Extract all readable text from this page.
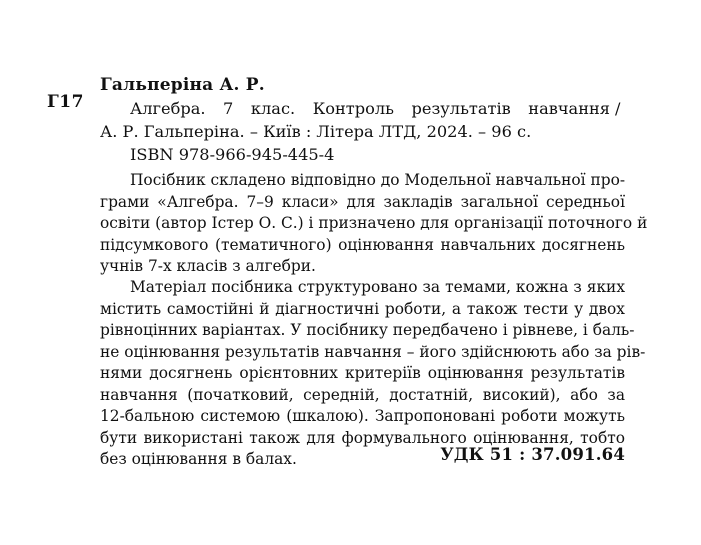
Гальперіна А. Р.
Г17	Алгебра. 7 клас. Контроль результатів навчання /
А. Р. Гальперіна. – Київ : Літера ЛТД, 2024. – 96 с.
ISBN 978-966-945-445-4
Посібник складено відповідно до Модельної навчальної про-
грами «Алгебра. 7–9 класи» для закладів загальної середньої
освіти (автор Істер О. С.) і призначено для організації поточного й
підсумкового (тематичного) оцінювання навчальних досягнень
учнів 7-х класів з алгебри.
Матеріал посібника структуровано за темами, кожна з яких
містить самостійні й діагностичні роботи, а також тести у двох
рівноцінних варіантах. У посібнику передбачено і рівневе, і баль-
не оцінювання результатів навчання – його здійснюють або за рів-
нями досягнень орієнтовних критеріїв оцінювання результатів
навчання (початковий, середній, достатній, високий), або за
12-бальною системою (шкалою). Запропоновані роботи можуть
бути використані також для формувального оцінювання, тобто
без оцінювання в балах.	УДК 51 : 37.091.64
